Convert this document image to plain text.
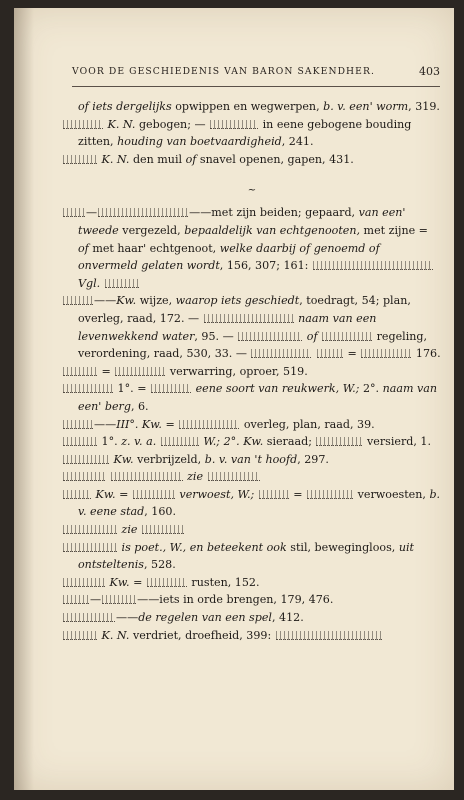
VOOR DE GESCHIEDENIS VAN BARON SAKENDHER.	403

of iets dergelijks opwippen en wegwerpen, b. v. een' worm, 319.

K. N. gebogen; —	in eene gebogene bouding zitten, houding van boetvaardigheid, 241.

K. N. den muil of snavel openen, gapen, 431.

~

—	——met zijn beiden; gepaard, van een' tweede vergezeld, bepaaldelijk van echtgenooten, met zijne = of met haar' echtgenoot, welke daarbij of genoemd of onvermeld gelaten wordt, 156, 307; 161:  Vgl.

——Kw. wijze, waarop iets geschiedt, toedragt, 54; plan, overleg, raad, 172. —	naam van een levenwekkend water, 95. —	of	regeling, verordening, raad, 530, 33. —	=	176.

=	verwarring, oproer, 519.

1°. =	eene soort van reukwerk, W.; 2°. naam van een' berg, 6.

——III°. Kw. =	overleg, plan, raad, 39.

1°. z. v. a.	W.; 2°. Kw. sieraad;	versierd, 1.

Kw. verbrijzeld, b. v. van 't hoofd, 297.

zie

Kw. =	verwoest, W.;	=	verwoesten, b. v. eene stad, 160.

zie

is poet., W., en beteekent ook stil, bewegingloos, uit ontsteltenis, 528.

Kw. =	rusten, 152.

—	——iets in orde brengen, 179, 476.

——de regelen van een spel, 412.

K. N. verdriet, droefheid, 399:
